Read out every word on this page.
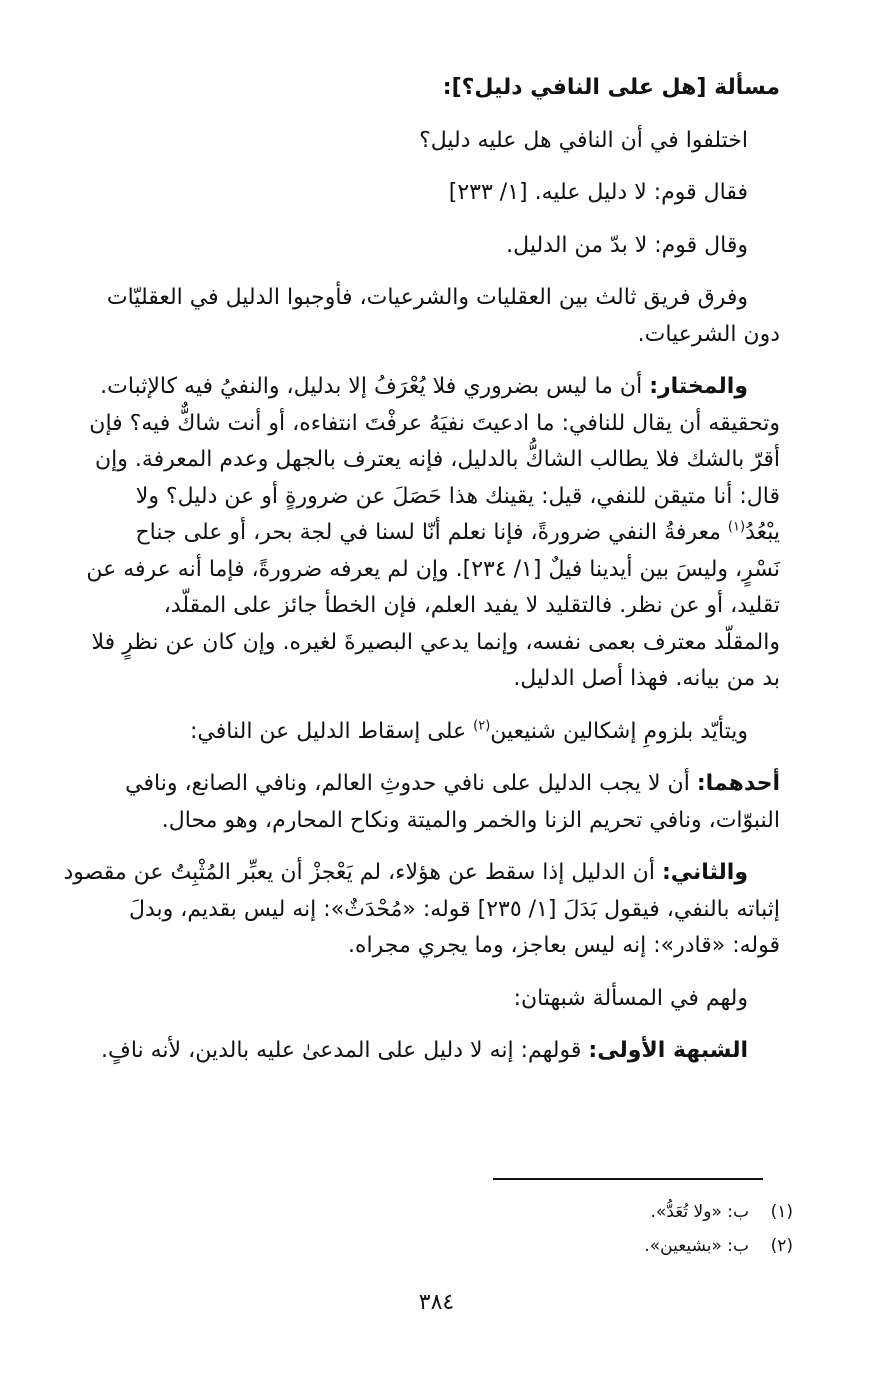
مسألة [هل على النافي دليل؟]:

اختلفوا في أن النافي هل عليه دليل؟

فقال قوم: لا دليل عليه. [١/ ٢٣٣]

وقال قوم: لا بدّ من الدليل.

وفرق فريق ثالث بين العقليات والشرعيات، فأوجبوا الدليل في العقليّات
دون الشرعيات.
والمختار: أن ما ليس بضروري فلا يُعْرَفُ إلا بدليل، والنفيُ فيه كالإثبات.
وتحقيقه أن يقال للنافي: ما ادعيتَ نفيَهُ عرفْتَ انتفاءه، أو أنت شاكٌّ فيه؟ فإن
أقرّ بالشك فلا يطالب الشاكُّ بالدليل، فإنه يعترف بالجهل وعدم المعرفة. وإن
قال: أنا متيقن للنفي، قيل: يقينك هذا حَصَلَ عن ضرورةٍ أو عن دليل؟ ولا
يبْعُدُ$^{(١)}$ معرفةُ النفي ضرورةً، فإنا نعلم أنّا لسنا في لجة بحر، أو على جناح
نَسْرٍ، وليسَ بين أيدينا فيلٌ [١/ ٢٣٤]. وإن لم يعرفه ضرورةً، فإما أنه عرفه عن
تقليد، أو عن نظر. فالتقليد لا يفيد العلم، فإن الخطأ جائز على المقلّد،
والمقلّد معترف بعمى نفسه، وإنما يدعي البصيرةَ لغيره. وإن كان عن نظرٍ فلا
بد من بيانه. فهذا أصل الدليل.
ويتأيّد بلزومِ إشكالين شنيعين$^{(٢)}$ على إسقاط الدليل عن النافي:
أحدهما: أن لا يجب الدليل على نافي حدوثِ العالم، ونافي الصانع، ونافي
النبوّات، ونافي تحريم الزنا والخمر والميتة ونكاح المحارم، وهو محال.
والثاني: أن الدليل إذا سقط عن هؤلاء، لم يَعْجزْ أن يعبِّر المُثْبِتُ عن مقصود
إثباته بالنفي، فيقول بَدَلَ [١/ ٢٣٥] قوله: «مُحْدَثٌ»: إنه ليس بقديم، وبدلَ
قوله: «قادر»: إنه ليس بعاجز، وما يجري مجراه.

ولهم في المسألة شبهتان:

الشبهة الأولى: قولهم: إنه لا دليل على المدعىٰ عليه بالدين، لأنه نافٍ.
(١)ب: «ولا تُعَدُّ».
(٢)ب: «بشيعين».
٣٨٤
